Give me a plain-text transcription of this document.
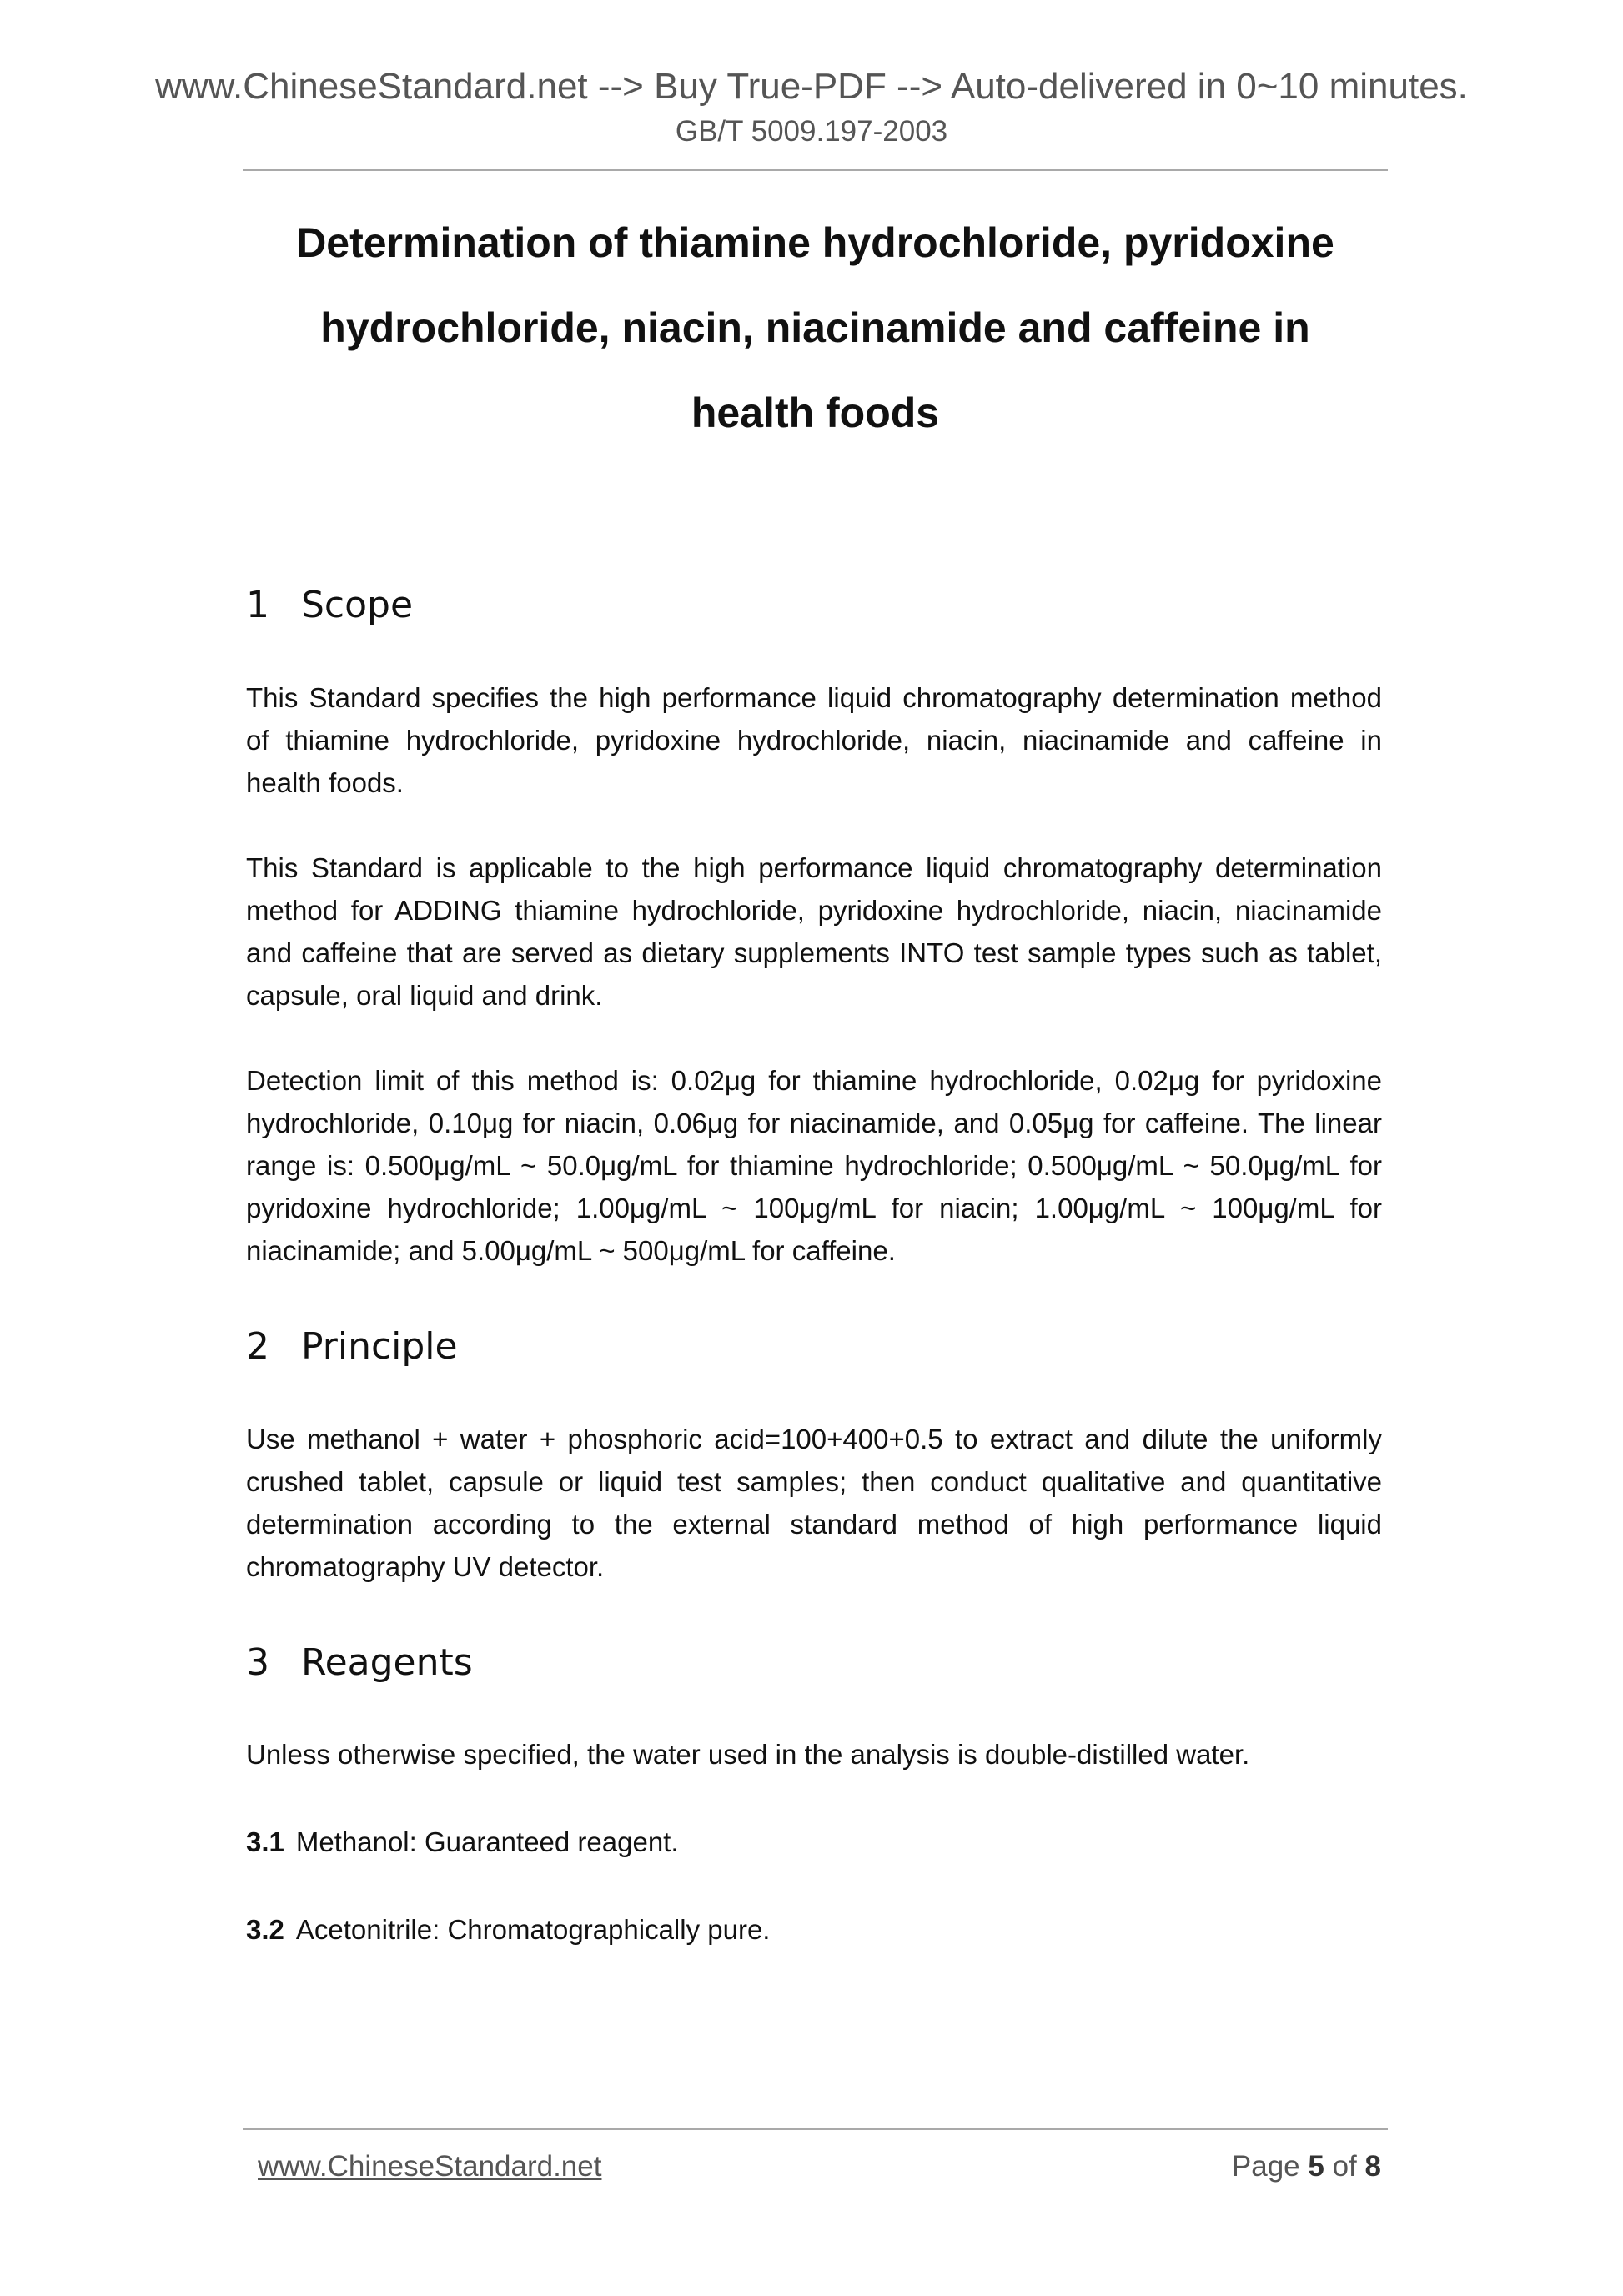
www.ChineseStandard.net --> Buy True-PDF --> Auto-delivered in 0~10 minutes.
GB/T 5009.197-2003
Determination of thiamine hydrochloride, pyridoxine
hydrochloride, niacin, niacinamide and caffeine in
health foods
1 Scope

This Standard specifies the high performance liquid chromatography determination method of thiamine hydrochloride, pyridoxine hydrochloride, niacin, niacinamide and caffeine in health foods.

This Standard is applicable to the high performance liquid chromatography determination method for ADDING thiamine hydrochloride, pyridoxine hydrochloride, niacin, niacinamide and caffeine that are served as dietary supplements INTO test sample types such as tablet, capsule, oral liquid and drink.

Detection limit of this method is: 0.02μg for thiamine hydrochloride, 0.02μg for pyridoxine hydrochloride, 0.10μg for niacin, 0.06μg for niacinamide, and 0.05μg for caffeine. The linear range is: 0.500μg/mL ~ 50.0μg/mL for thiamine hydrochloride; 0.500μg/mL ~ 50.0μg/mL for pyridoxine hydrochloride; 1.00μg/mL ~ 100μg/mL for niacin; 1.00μg/mL ~ 100μg/mL for niacinamide; and 5.00μg/mL ~ 500μg/mL for caffeine.

2 Principle

Use methanol + water + phosphoric acid=100+400+0.5 to extract and dilute the uniformly crushed tablet, capsule or liquid test samples; then conduct qualitative and quantitative determination according to the external standard method of high performance liquid chromatography UV detector.

3 Reagents

Unless otherwise specified, the water used in the analysis is double-distilled water.

3.1 Methanol: Guaranteed reagent.

3.2 Acetonitrile: Chromatographically pure.

www.ChineseStandard.net	Page 5 of 8
